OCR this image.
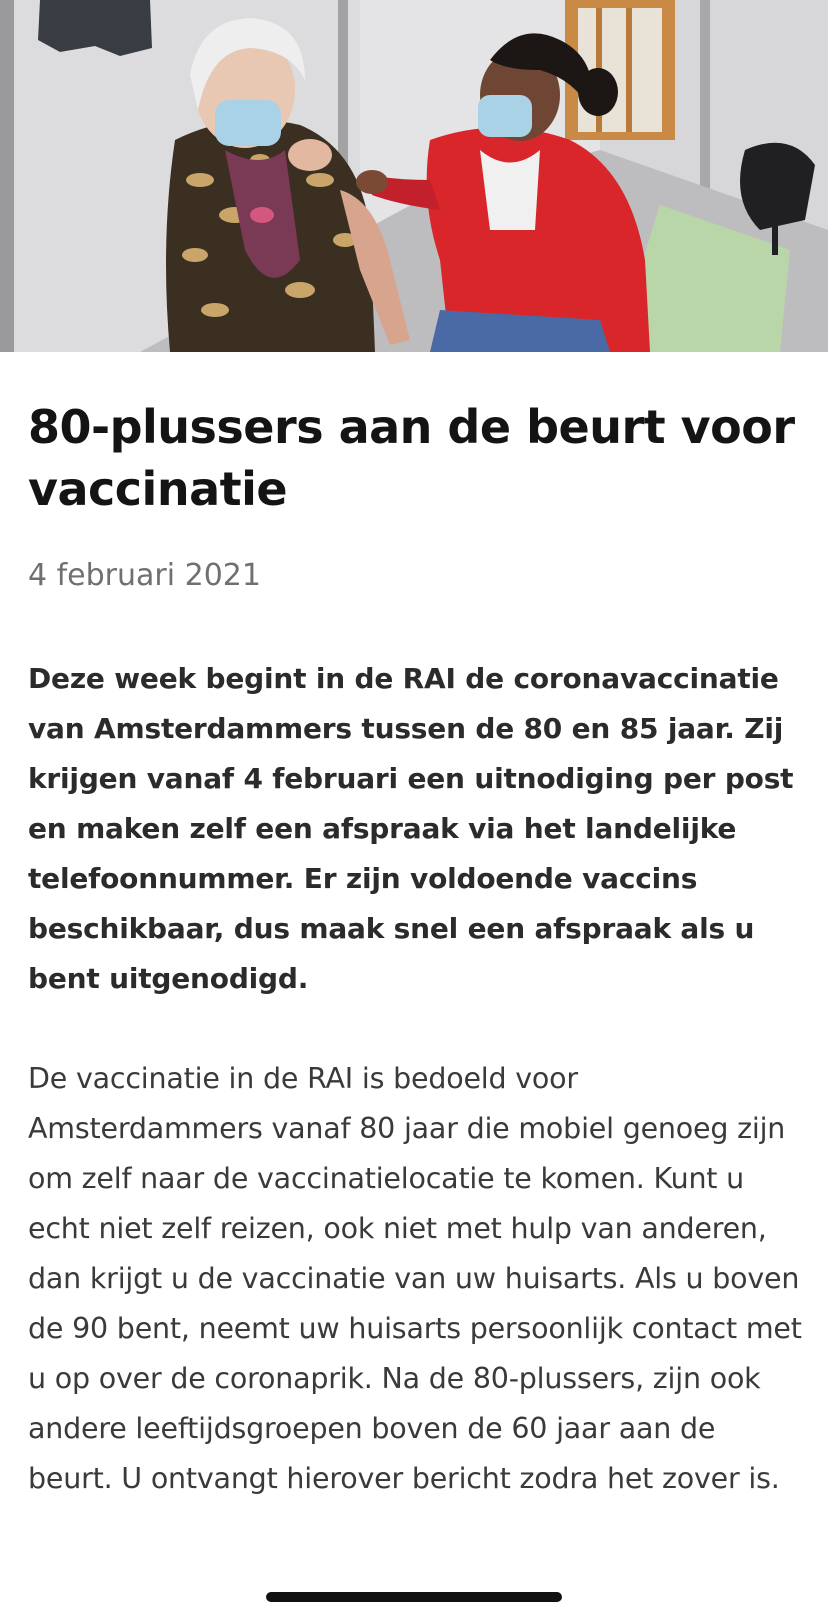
80-plussers aan de beurt voor vaccinatie
4 februari 2021
Deze week begint in de RAI de coronavaccinatie van Amsterdammers tussen de 80 en 85 jaar. Zij krijgen vanaf 4 februari een uitnodiging per post en maken zelf een afspraak via het landelijke telefoonnummer. Er zijn voldoende vaccins beschikbaar, dus maak snel een afspraak als u bent uitgenodigd.
De vaccinatie in de RAI is bedoeld voor Amsterdammers vanaf 80 jaar die mobiel genoeg zijn om zelf naar de vaccinatielocatie te komen. Kunt u echt niet zelf reizen, ook niet met hulp van anderen, dan krijgt u de vaccinatie van uw huisarts. Als u boven de 90 bent, neemt uw huisarts persoonlijk contact met u op over de coronaprik. Na de 80-plussers, zijn ook andere leeftijdsgroepen boven de 60 jaar aan de beurt. U ontvangt hierover bericht zodra het zover is.
